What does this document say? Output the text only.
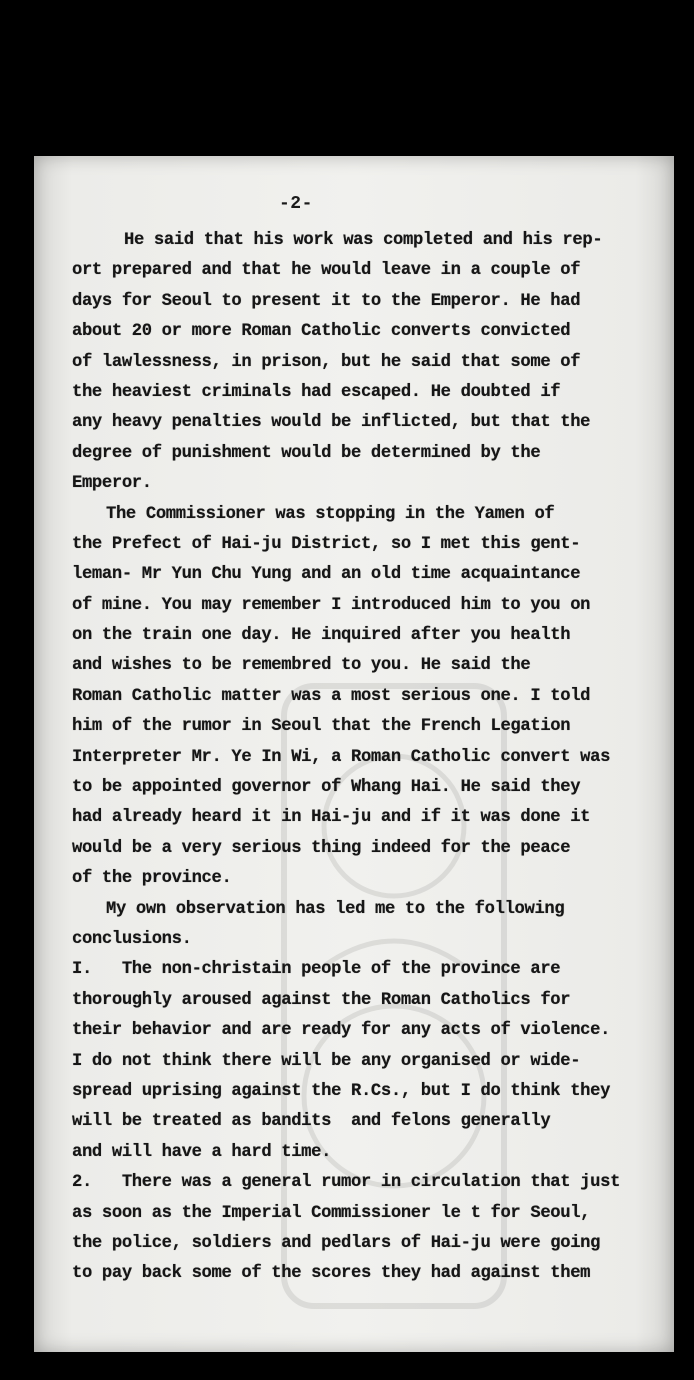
-2-
He said that his work was completed and his rep-
ort prepared and that he would leave in a couple of
days for Seoul to present it to the Emperor. He had
about 20 or more Roman Catholic converts convicted
of lawlessness, in prison, but he said that some of
the heaviest criminals had escaped. He doubted if
any heavy penalties would be inflicted, but that the
degree of punishment would be determined by the
Emperor.
The Commissioner was stopping in the Yamen of
the Prefect of Hai-ju District, so I met this gent-
leman- Mr Yun Chu Yung and an old time acquaintance
of mine. You may remember I introduced him to you on
on the train one day. He inquired after you health
and wishes to be remembred to you. He said the
Roman Catholic matter was a most serious one. I told
him of the rumor in Seoul that the French Legation
Interpreter Mr. Ye In Wi, a Roman Catholic convert was
to be appointed governor of Whang Hai. He said they
had already heard it in Hai-ju and if it was done it
would be a very serious thing indeed for the peace
of the province.
My own observation has led me to the following
conclusions.
I.   The non-christain people of the province are
thoroughly aroused against the Roman Catholics for
their behavior and are ready for any acts of violence.
I do not think there will be any organised or wide-
spread uprising against the R.Cs., but I do think they
will be treated as bandits  and felons generally
and will have a hard time.
2.   There was a general rumor in circulation that just
as soon as the Imperial Commissioner le t for Seoul,
the police, soldiers and pedlars of Hai-ju were going
to pay back some of the scores they had against them
